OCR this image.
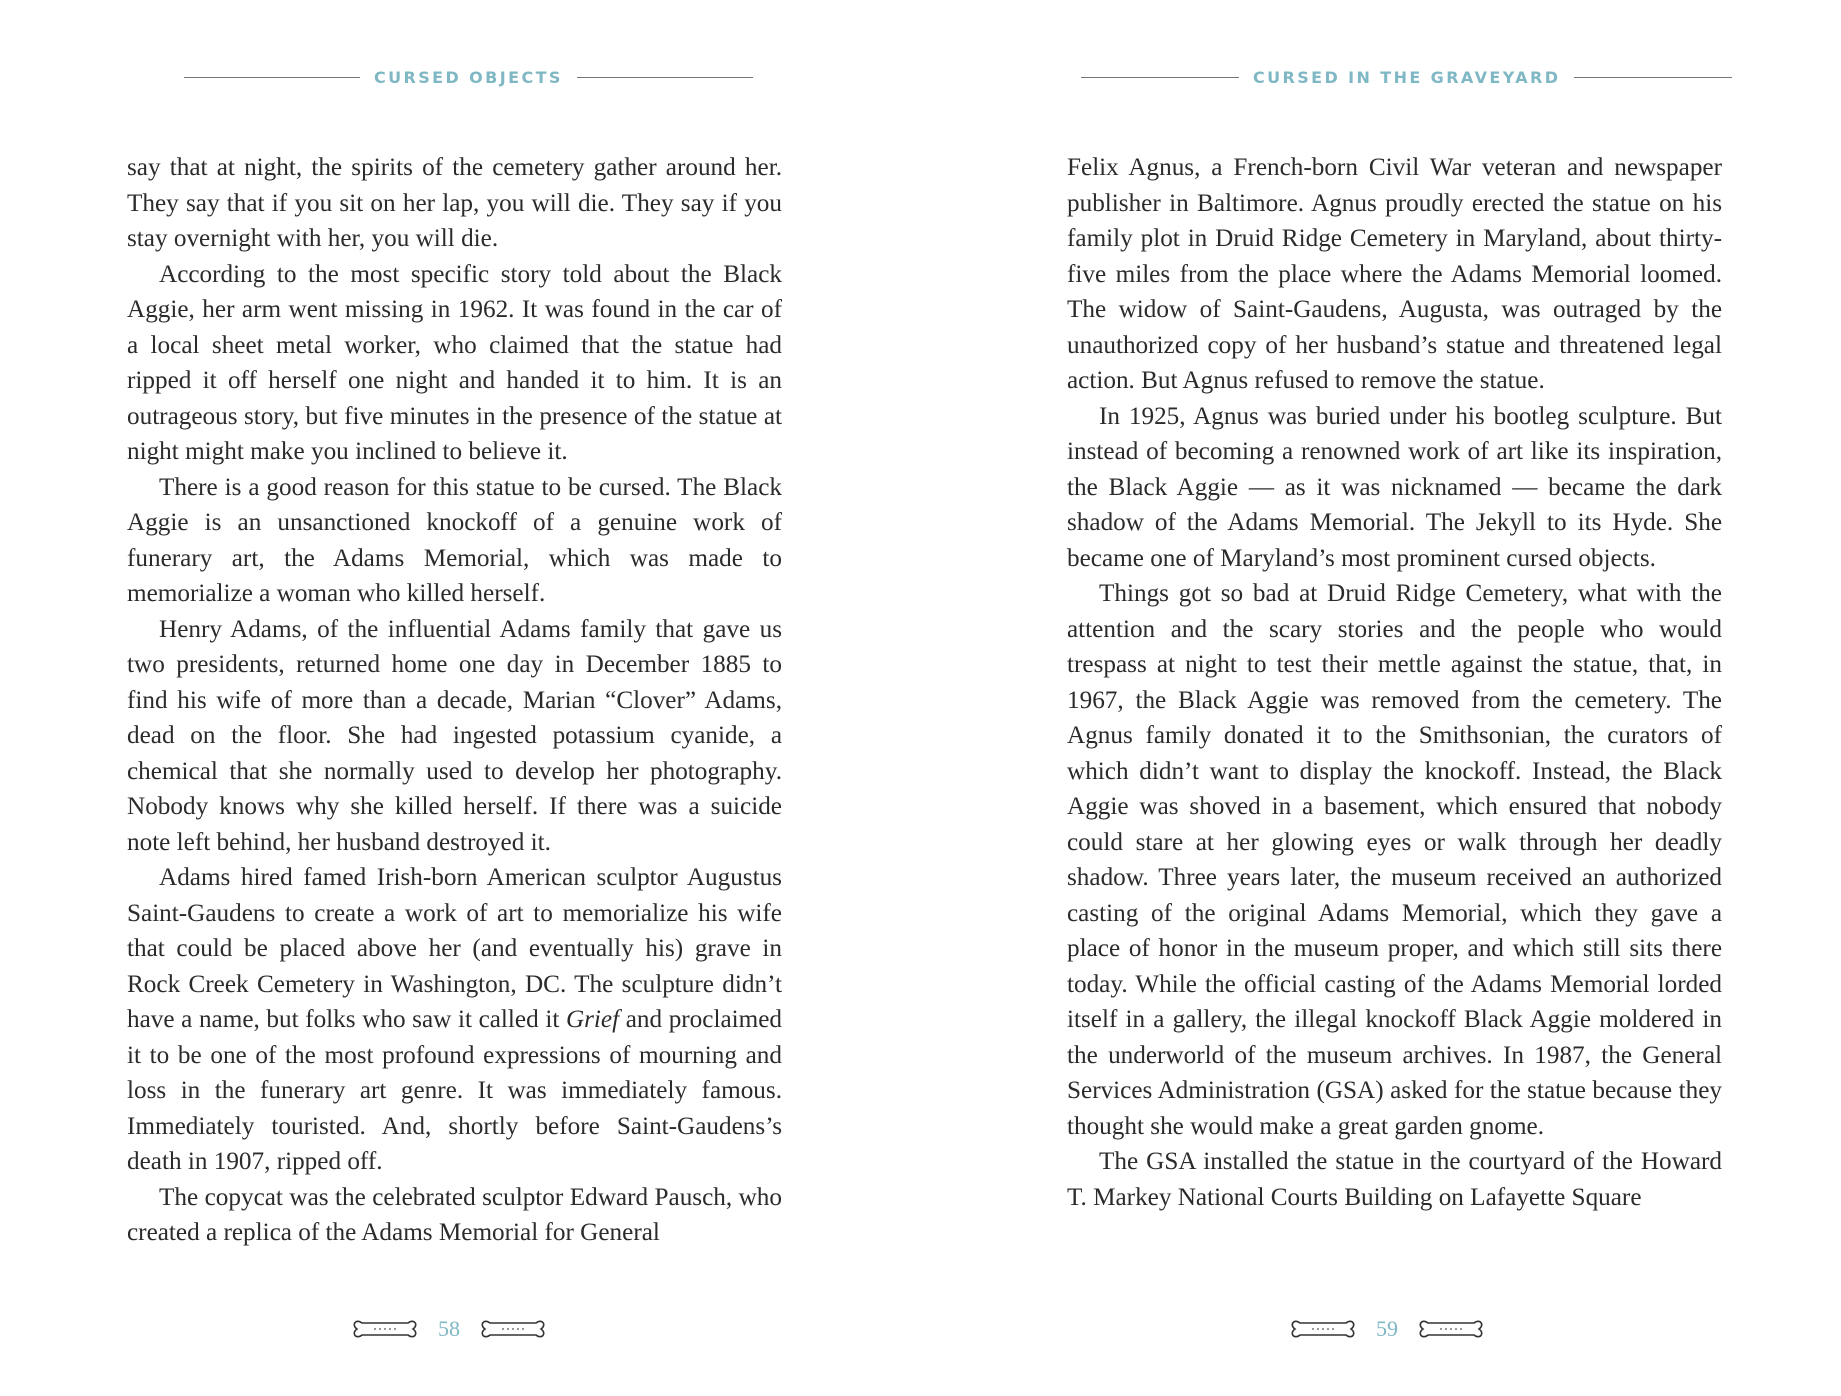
CURSED OBJECTS

say that at night, the spirits of the cemetery gather around her. They say that if you sit on her lap, you will die. They say if you stay overnight with her, you will die.

According to the most specific story told about the Black Aggie, her arm went missing in 1962. It was found in the car of a local sheet metal worker, who claimed that the statue had ripped it off herself one night and handed it to him. It is an outrageous story, but five minutes in the presence of the statue at night might make you inclined to believe it.

There is a good reason for this statue to be cursed. The Black Aggie is an unsanctioned knockoff of a genuine work of funerary art, the Adams Memorial, which was made to memorialize a woman who killed herself.

Henry Adams, of the influential Adams family that gave us two presidents, returned home one day in December 1885 to find his wife of more than a decade, Marian “Clover” Adams, dead on the floor. She had ingested potassium cyanide, a chemical that she normally used to develop her photography. Nobody knows why she killed herself. If there was a suicide note left behind, her husband destroyed it.

Adams hired famed Irish-born American sculptor Augustus Saint-Gaudens to create a work of art to memorialize his wife that could be placed above her (and eventually his) grave in Rock Creek Cemetery in Washington, DC. The sculpture didn’t have a name, but folks who saw it called it Grief and proclaimed it to be one of the most profound expressions of mourning and loss in the funerary art genre. It was immediately famous. Immediately touristed. And, shortly before Saint-Gaudens’s death in 1907, ripped off.

The copycat was the celebrated sculptor Edward Pausch, who created a replica of the Adams Memorial for General

58
CURSED IN THE GRAVEYARD

Felix Agnus, a French-born Civil War veteran and newspaper publisher in Baltimore. Agnus proudly erected the statue on his family plot in Druid Ridge Cemetery in Maryland, about thirty-five miles from the place where the Adams Memorial loomed. The widow of Saint-Gaudens, Augusta, was outraged by the unauthorized copy of her husband’s statue and threatened legal action. But Agnus refused to remove the statue.

In 1925, Agnus was buried under his bootleg sculpture. But instead of becoming a renowned work of art like its inspiration, the Black Aggie — as it was nicknamed — became the dark shadow of the Adams Memorial. The Jekyll to its Hyde. She became one of Maryland’s most prominent cursed objects.

Things got so bad at Druid Ridge Cemetery, what with the attention and the scary stories and the people who would trespass at night to test their mettle against the statue, that, in 1967, the Black Aggie was removed from the cemetery. The Agnus family donated it to the Smithsonian, the curators of which didn’t want to display the knockoff. Instead, the Black Aggie was shoved in a basement, which ensured that nobody could stare at her glowing eyes or walk through her deadly shadow. Three years later, the museum received an authorized casting of the original Adams Memorial, which they gave a place of honor in the museum proper, and which still sits there today. While the official casting of the Adams Memorial lorded itself in a gallery, the illegal knockoff Black Aggie moldered in the underworld of the museum archives. In 1987, the General Services Administration (GSA) asked for the statue because they thought she would make a great garden gnome.

The GSA installed the statue in the courtyard of the Howard T. Markey National Courts Building on Lafayette Square

59
